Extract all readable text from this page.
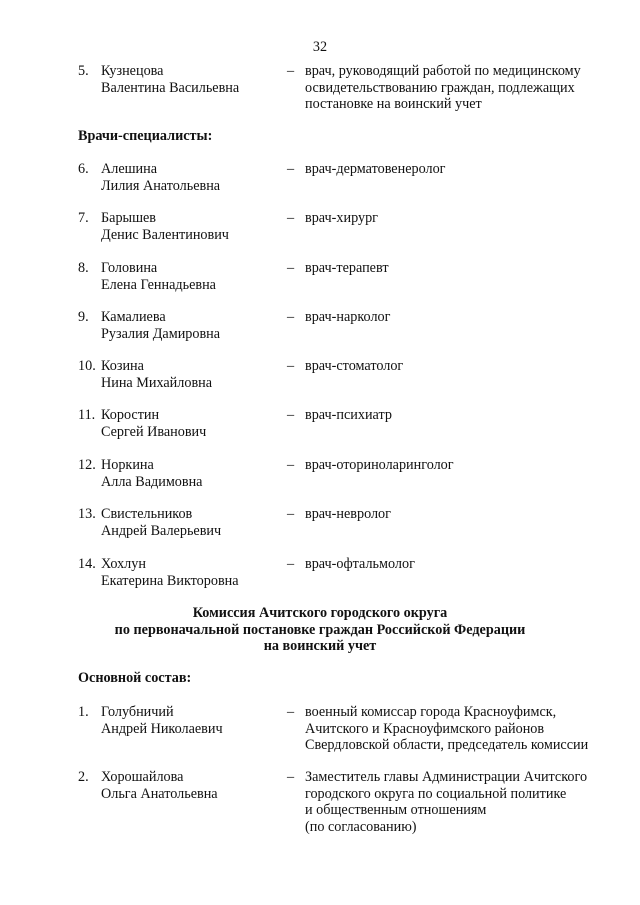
32
5. Кузнецова
Валентина Васильевна
– врач, руководящий работой по медицинскому
освидетельствованию граждан, подлежащих
постановке на воинский учет
Врачи-специалисты:
6. Алешина
Лилия Анатольевна
– врач-дерматовенеролог
7. Барышев
Денис Валентинович
– врач-хирург
8. Головина
Елена Геннадьевна
– врач-терапевт
9. Камалиева
Рузалия Дамировна
– врач-нарколог
10. Козина
Нина Михайловна
– врач-стоматолог
11. Коростин
Сергей Иванович
– врач-психиатр
12. Норкина
Алла Вадимовна
– врач-оториноларинголог
13. Свистельников
Андрей Валерьевич
– врач-невролог
14. Хохлун
Екатерина Викторовна
– врач-офтальмолог
Комиссия Ачитского городского округа
по первоначальной постановке граждан Российской Федерации
на воинский учет
Основной состав:
1. Голубничий
Андрей Николаевич
– военный комиссар города Красноуфимск,
Ачитского и Красноуфимского районов
Свердловской области, председатель комиссии
2. Хорошайлова
Ольга Анатольевна
– Заместитель главы Администрации Ачитского
городского округа по социальной политике
и общественным отношениям
(по согласованию)
